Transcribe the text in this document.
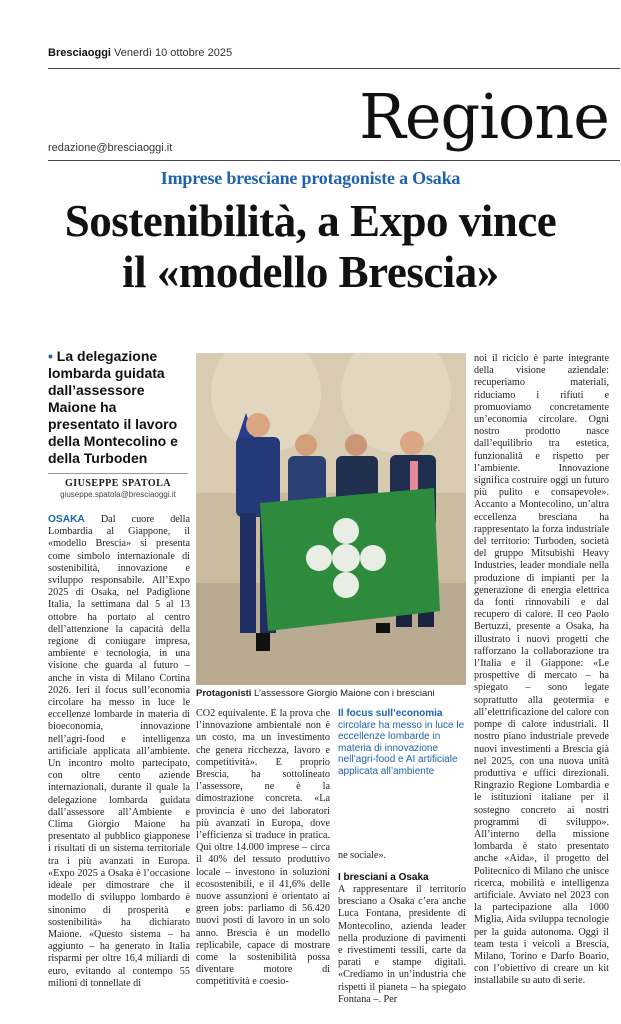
Bresciaoggi Venerdì 10 ottobre 2025
Regione
redazione@bresciaoggi.it
Imprese bresciane protagoniste a Osaka
Sostenibilità, a Expo vince
il «modello Brescia»
• La delegazione lombarda guidata dall’assessore Maione ha presentato il lavoro della Montecolino e della Turboden
GIUSEPPE SPATOLA
giuseppe.spatola@bresciaoggi.it
OSAKA Dal cuore della Lombardia al Giappone, il «modello Brescia» si presenta come simbolo internazionale di sostenibilità, innovazione e sviluppo responsabile. All’Expo 2025 di Osaka, nel Padiglione Italia, la settimana dal 5 al 13 ottobre ha portato al centro dell’attenzione la capacità della regione di coniugare impresa, ambiente e tecnologia, in una visione che guarda al futuro – anche in vista di Milano Cortina 2026. Ieri il focus sull’economia circolare ha messo in luce le eccellenze lombarde in materia di bioeconomia, innovazione nell’agri-food e intelligenza artificiale applicata all’ambiente. Un incontro molto partecipato, con oltre cento aziende internazionali, durante il quale la delegazione lombarda guidata dall’assessore all’Ambiente e Clima Giorgio Maione ha presentato al pubblico giapponese i risultati di un sistema territoriale tra i più avanzati in Europa. «Expo 2025 a Osaka è l’occasione ideale per dimostrare che il modello di sviluppo lombardo è sinonimo di prosperità e sostenibilità» ha dichiarato Maione. «Questo sistema – ha aggiunto – ha generato in Italia risparmi per oltre 16,4 miliardi di euro, evitando al contempo 55 milioni di tonnellate di
Protagonisti L’assessore Giorgio Maione con i bresciani
CO2 equivalente. È la prova che l’innovazione ambientale non è un costo, ma un investimento che genera ricchezza, lavoro e competitività». E proprio Brescia, ha sottolineato l’assessore, ne è la dimostrazione concreta. «La provincia è uno dei laboratori più avanzati in Europa, dove l’efficienza si traduce in pratica. Qui oltre 14.000 imprese – circa il 40% del tessuto produttivo locale – investono in soluzioni ecosostenibili, e il 41,6% delle nuove assunzioni è orientato ai green jobs: parliamo di 56.420 nuovi posti di lavoro in un solo anno. Brescia è un modello replicabile, capace di mostrare come la sostenibilità possa diventare motore di competitività e coesio-
Il focus sull’economia
circolare ha messo in luce le eccellenze lombarde in materia di innovazione nell’agri-food e AI artificiale applicata all’ambiente
ne sociale».
I bresciani a Osaka
A rappresentare il territorio bresciano a Osaka c’era anche Luca Fontana, presidente di Montecolino, azienda leader nella produzione di pavimenti e rivestimenti tessili, carte da parati e stampe digitali. «Crediamo in un’industria che rispetti il pianeta – ha spiegato Fontana –. Per
noi il riciclo è parte integrante della visione aziendale: recuperiamo materiali, riduciamo i rifiuti e promuoviamo concretamente un’economia circolare. Ogni nostro prodotto nasce dall’equilibrio tra estetica, funzionalità e rispetto per l’ambiente. Innovazione significa costruire oggi un futuro più pulito e consapevole». Accanto a Montecolino, un’altra eccellenza bresciana ha rappresentato la forza industriale del territorio: Turboden, società del gruppo Mitsubishi Heavy Industries, leader mondiale nella produzione di impianti per la generazione di energia elettrica da fonti rinnovabili e dal recupero di calore. Il ceo Paolo Bertuzzi, presente a Osaka, ha illustrato i nuovi progetti che rafforzano la collaborazione tra l’Italia e il Giappone: «Le prospettive di mercato – ha spiegato – sono legate soprattutto alla geotermia e all’elettrificazione del calore con pompe di calore industriali. Il nostro piano industriale prevede nuovi investimenti a Brescia già nel 2025, con una nuova unità produttiva e uffici direzionali. Ringrazio Regione Lombardia e le istituzioni italiane per il sostegno concreto ai nostri programmi di sviluppo». All’interno della missione lombarda è stato presentato anche «Aida», il progetto del Politecnico di Milano che unisce ricerca, mobilità e intelligenza artificiale. Avviato nel 2023 con la partecipazione alla 1000 Miglia, Aida sviluppa tecnologie per la guida autonoma. Oggi il team testa i veicoli a Brescia, Milano, Torino e Darfo Boario, con l’obiettivo di creare un kit installabile su auto di serie.
